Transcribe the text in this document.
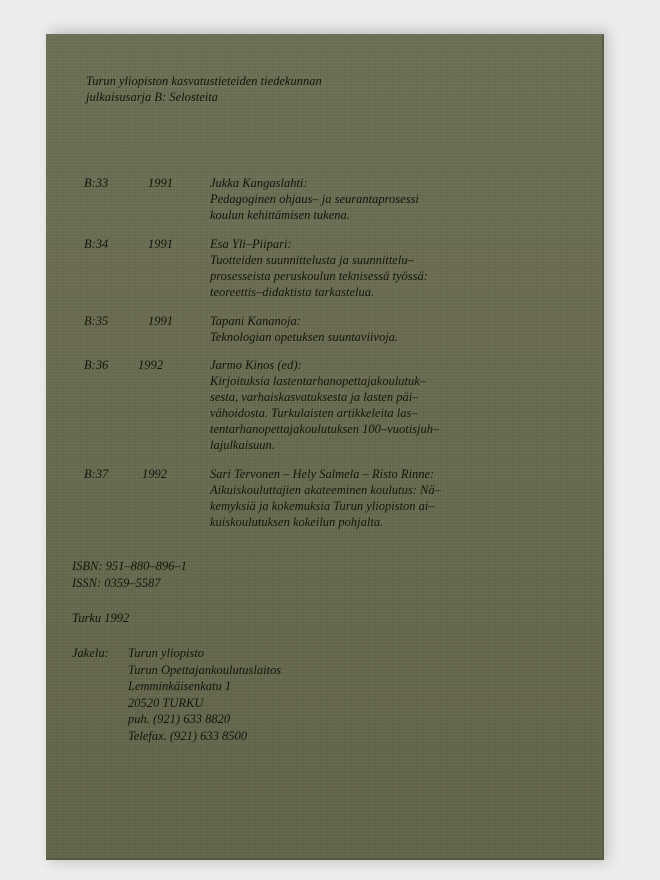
Turun yliopiston kasvatustieteiden tiedekunnan
julkaisusarja B: Selosteita
B:33	1991	Jukka Kangaslahti:
Pedagoginen ohjaus– ja seurantaprosessi
koulun kehittämisen tukena.
B:34	1991	Esa Yli–Piipari:
Tuotteiden suunnittelusta ja suunnittelu–
prosesseista peruskoulun teknisessä työssä:
teoreettis–didaktista tarkastelua.
B:35	1991	Tapani Kananoja:
Teknologian opetuksen suuntaviivoja.
B:36 1992	Jarmo Kinos (ed):
Kirjoituksia lastentarhanopettajakoulutuk–
sesta, varhaiskasvatuksesta ja lasten päi–
vähoidosta. Turkulaisten artikkeleita las–
tentarhanopettajakoulutuksen 100–vuotisjuh–
lajulkaisuun.
B:37	1992	Sari Tervonen – Hely Salmela – Risto Rinne:
Aikuiskouluttajien akateeminen koulutus: Nä–
kemyksiä ja kokemuksia Turun yliopiston ai–
kuiskoulutuksen kokeilun pohjalta.
ISBN: 951–880–896–1
ISSN: 0359–5587
Turku 1992
Jakelu: Turun yliopisto
Turun Opettajankoulutuslaitos
Lemminkäisenkatu 1
20520 TURKU
puh. (921) 633 8820
Telefax. (921) 633 8500
